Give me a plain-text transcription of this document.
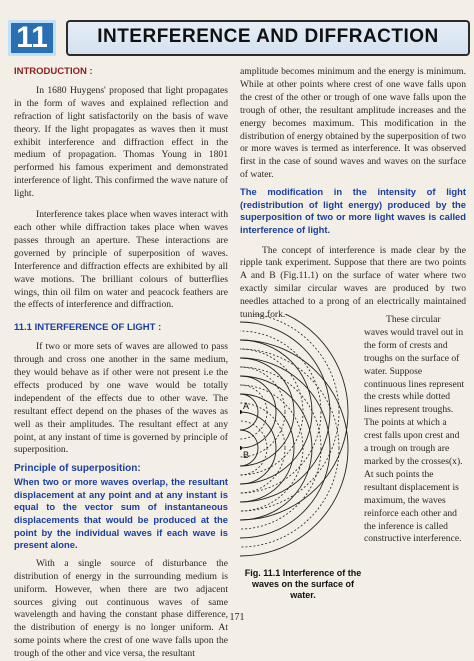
11	INTERFERENCE AND DIFFRACTION

INTRODUCTION :

In 1680 Huygens' proposed that light propagates in the form of waves and explained reflection and refraction of light satisfactorily on the basis of wave theory. If the light propagates as waves then it must exhibit interference and diffraction effect in the medium of propagation. Thomas Young in 1801 performed his famous experiment and demonstrated interference of light. This confirmed the wave nature of light.

Interference takes place when waves interact with each other while diffraction takes place when waves passes through an aperture. These interactions are governed by principle of superposition of waves. Interference and diffraction effects are exhibited by all wave motions. The brilliant colours of butterflies wings, thin oil film on water and peacock feathers are the effects of interference and diffraction.

11.1 INTERFERENCE OF LIGHT :

If two or more sets of waves are allowed to pass through and cross one another in the same medium, they would behave as if other were not present i.e the effects produced by one wave would be totally independent of the effects due to other wave. The resultant effect depend on the phases of the waves as well as their amplitudes. The resultant effect at any point, at any instant of time is governed by principle of superposition.

Principle of superposition:

When two or more waves overlap, the resultant displacement at any point and at any instant is equal to the vector sum of instantaneous displacements that would be produced at the point by the individual waves if each wave is present alone.

With a single source of disturbance the distribution of energy in the surrounding medium is uniform. However, when there are two adjacent sources giving out continuous waves of same wavelength and having the constant phase difference, the distribution of energy is no longer uniform. At some points where the crest of one wave falls upon the trough of the other and vice versa, the resultant

amplitude becomes minimum and the energy is minimum. While at other points where crest of one wave falls upon the crest of the other or trough of one wave falls upon the trough of other, the resultant amplitude increases and the energy becomes maximum. This modification in the distribution of energy obtained by the superposition of two or more waves is termed as interference. It was observed first in the case of sound waves and waves on the surface of water.

The modification in the intensity of light (redistribution of light energy) produced by the superposition of two or more light waves is called interference of light.

The concept of interference is made clear by the ripple tank experiment. Suppose that there are two points A and B (Fig.11.1) on the surface of water where two exactly similar circular waves are produced by two needles attached to a prong of an electrically maintained tuning fork.

A
B
Fig. 11.1 Interference of the waves on the surface of water.

These circular waves would travel out in the form of crests and troughs on the surface of water. Suppose continuous lines represent the crests while dotted lines represent troughs. The points at which a crest falls upon crest and a trough on trough are marked by the crosses(x). At such points the resultant displacement is maximum, the waves reinforce each other and the inference is called constructive interference.

171
